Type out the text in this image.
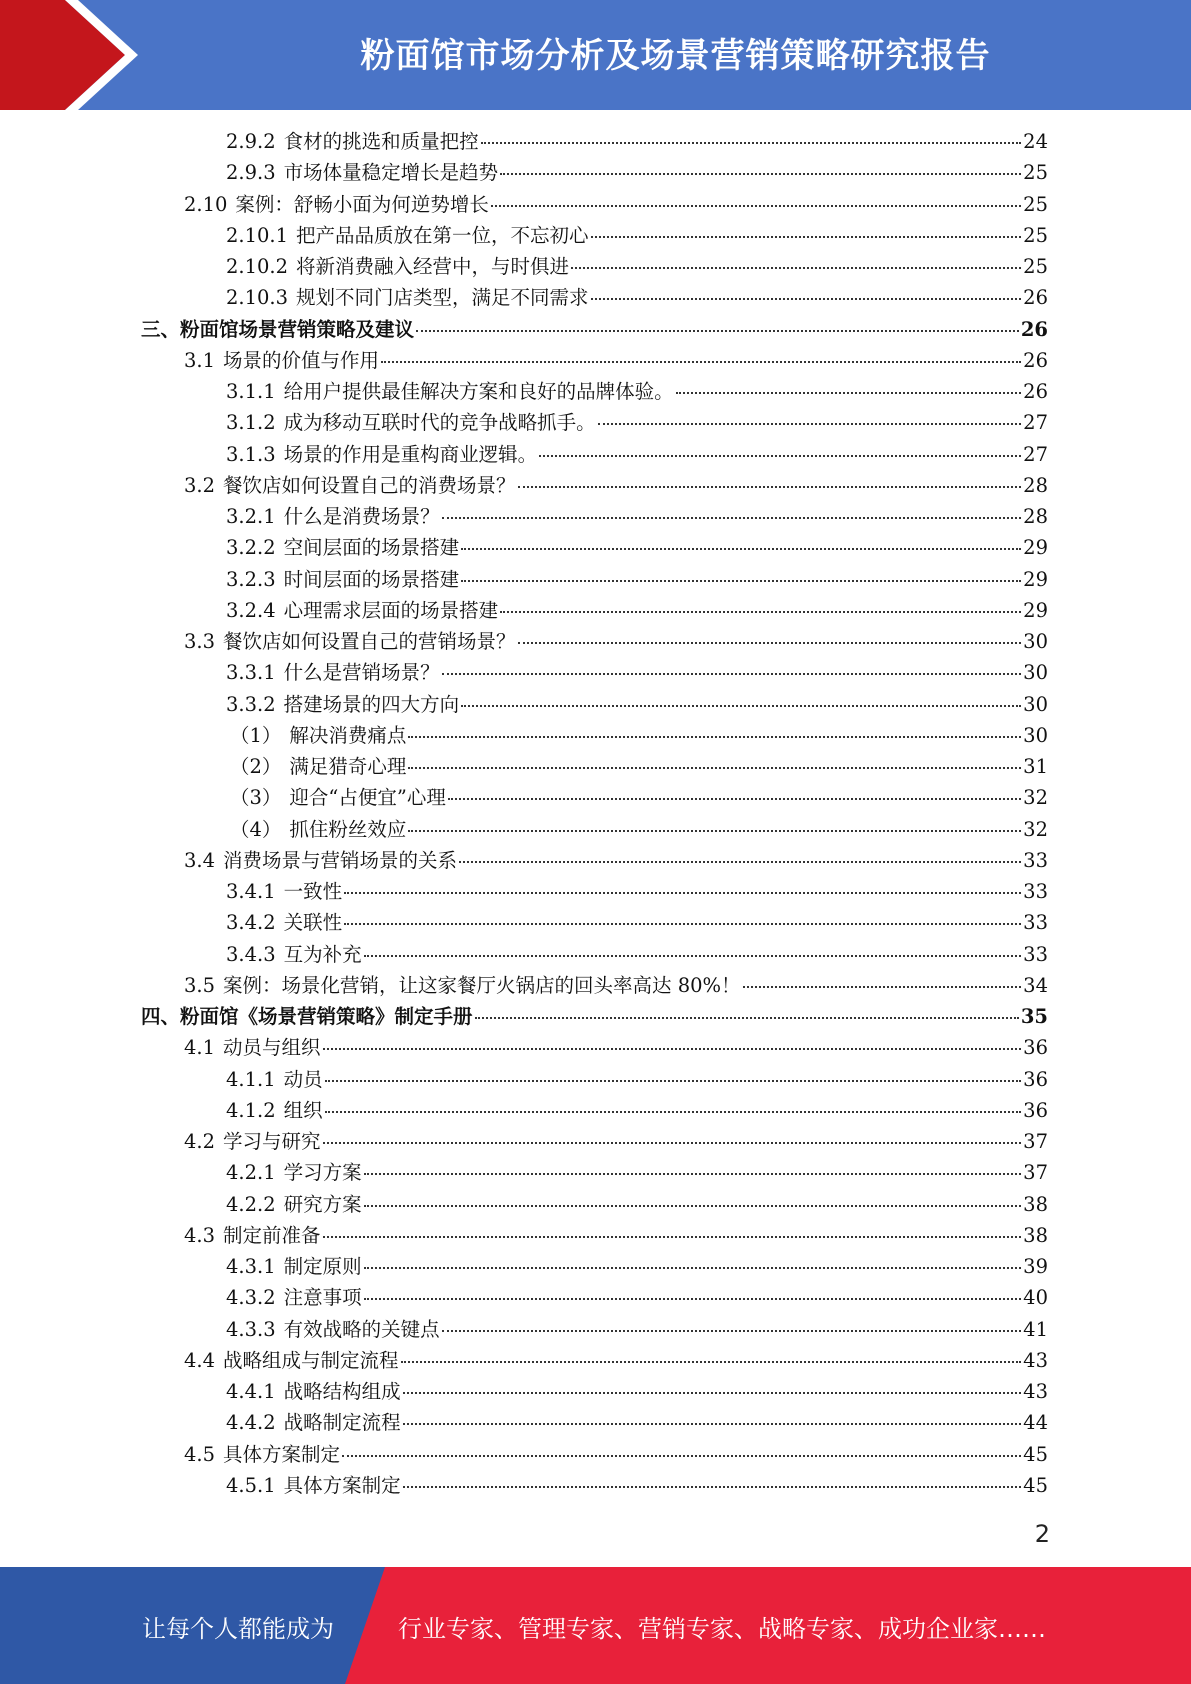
粉面馆市场分析及场景营销策略研究报告
2.9.2 食材的挑选和质量把控	24
2.9.3 市场体量稳定增长是趋势	25
2.10 案例：舒畅小面为何逆势增长	25
2.10.1 把产品品质放在第一位，不忘初心	25
2.10.2 将新消费融入经营中，与时俱进	25
2.10.3 规划不同门店类型，满足不同需求	26
三、 粉面馆场景营销策略及建议	26
3.1 场景的价值与作用	26
3.1.1 给用户提供最佳解决方案和良好的品牌体验。	26
3.1.2 成为移动互联时代的竞争战略抓手。	27
3.1.3 场景的作用是重构商业逻辑。	27
3.2 餐饮店如何设置自己的消费场景？	28
3.2.1 什么是消费场景？	28
3.2.2 空间层面的场景搭建	29
3.2.3 时间层面的场景搭建	29
3.2.4 心理需求层面的场景搭建	29
3.3 餐饮店如何设置自己的营销场景？	30
3.3.1 什么是营销场景？	30
3.3.2 搭建场景的四大方向	30
（1） 解决消费痛点	30
（2） 满足猎奇心理	31
（3） 迎合“占便宜”心理	32
（4） 抓住粉丝效应	32
3.4 消费场景与营销场景的关系	33
3.4.1 一致性	33
3.4.2 关联性	33
3.4.3 互为补充	33
3.5 案例：场景化营销，让这家餐厅火锅店的回头率高达 80%！	34
四、 粉面馆《场景营销策略》制定手册	35
4.1 动员与组织	36
4.1.1 动员	36
4.1.2 组织	36
4.2 学习与研究	37
4.2.1 学习方案	37
4.2.2 研究方案	38
4.3 制定前准备	38
4.3.1 制定原则	39
4.3.2 注意事项	40
4.3.3 有效战略的关键点	41
4.4 战略组成与制定流程	43
4.4.1 战略结构组成	43
4.4.2 战略制定流程	44
4.5 具体方案制定	45
4.5.1 具体方案制定	45
2
让每个人都能成为	行业专家、管理专家、营销专家、战略专家、成功企业家……
